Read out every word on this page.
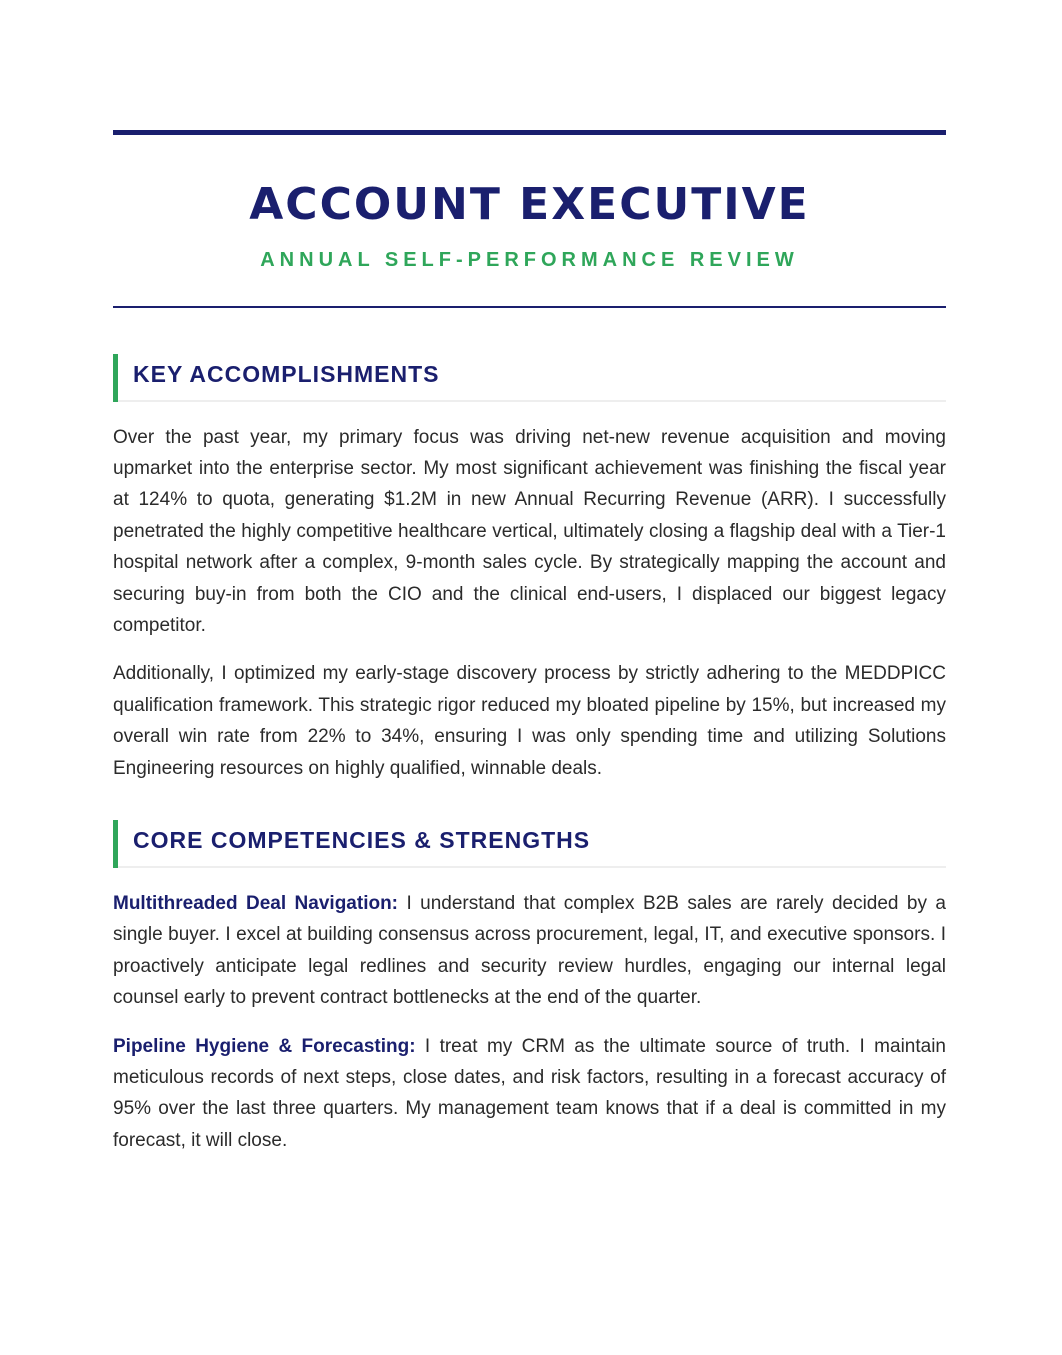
ACCOUNT EXECUTIVE
ANNUAL SELF-PERFORMANCE REVIEW
KEY ACCOMPLISHMENTS

Over the past year, my primary focus was driving net-new revenue acquisition and moving upmarket into the enterprise sector. My most significant achievement was finishing the fiscal year at 124% to quota, generating $1.2M in new Annual Recurring Revenue (ARR). I successfully penetrated the highly competitive healthcare vertical, ultimately closing a flagship deal with a Tier-1 hospital network after a complex, 9-month sales cycle. By strategically mapping the account and securing buy-in from both the CIO and the clinical end-users, I displaced our biggest legacy competitor.

Additionally, I optimized my early-stage discovery process by strictly adhering to the MEDDPICC qualification framework. This strategic rigor reduced my bloated pipeline by 15%, but increased my overall win rate from 22% to 34%, ensuring I was only spending time and utilizing Solutions Engineering resources on highly qualified, winnable deals.

CORE COMPETENCIES & STRENGTHS

Multithreaded Deal Navigation: I understand that complex B2B sales are rarely decided by a single buyer. I excel at building consensus across procurement, legal, IT, and executive sponsors. I proactively anticipate legal redlines and security review hurdles, engaging our internal legal counsel early to prevent contract bottlenecks at the end of the quarter.

Pipeline Hygiene & Forecasting: I treat my CRM as the ultimate source of truth. I maintain meticulous records of next steps, close dates, and risk factors, resulting in a forecast accuracy of 95% over the last three quarters. My management team knows that if a deal is committed in my forecast, it will close.
